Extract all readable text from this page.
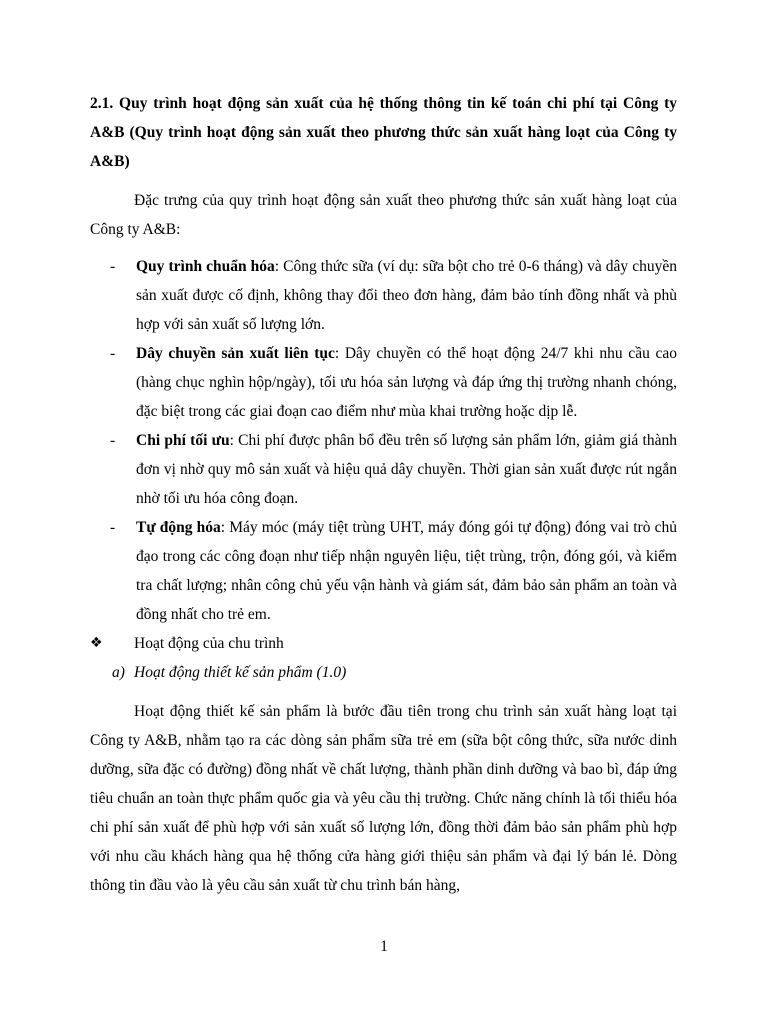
2.1. Quy trình hoạt động sản xuất của hệ thống thông tin kế toán chi phí tại Công ty A&B (Quy trình hoạt động sản xuất theo phương thức sản xuất hàng loạt của Công ty A&B)

Đặc trưng của quy trình hoạt động sản xuất theo phương thức sản xuất hàng loạt của Công ty A&B:

- Quy trình chuẩn hóa: Công thức sữa (ví dụ: sữa bột cho trẻ 0-6 tháng) và dây chuyền sản xuất được cố định, không thay đổi theo đơn hàng, đảm bảo tính đồng nhất và phù hợp với sản xuất số lượng lớn.
- Dây chuyền sản xuất liên tục: Dây chuyền có thể hoạt động 24/7 khi nhu cầu cao (hàng chục nghìn hộp/ngày), tối ưu hóa sản lượng và đáp ứng thị trường nhanh chóng, đặc biệt trong các giai đoạn cao điểm như mùa khai trường hoặc dịp lễ.
- Chi phí tối ưu: Chi phí được phân bổ đều trên số lượng sản phẩm lớn, giảm giá thành đơn vị nhờ quy mô sản xuất và hiệu quả dây chuyền. Thời gian sản xuất được rút ngắn nhờ tối ưu hóa công đoạn.
- Tự động hóa: Máy móc (máy tiệt trùng UHT, máy đóng gói tự động) đóng vai trò chủ đạo trong các công đoạn như tiếp nhận nguyên liệu, tiệt trùng, trộn, đóng gói, và kiểm tra chất lượng; nhân công chủ yếu vận hành và giám sát, đảm bảo sản phẩm an toàn và đồng nhất cho trẻ em.
❖ Hoạt động của chu trình
a) Hoạt động thiết kế sản phẩm (1.0)

Hoạt động thiết kế sản phẩm là bước đầu tiên trong chu trình sản xuất hàng loạt tại Công ty A&B, nhằm tạo ra các dòng sản phẩm sữa trẻ em (sữa bột công thức, sữa nước dinh dưỡng, sữa đặc có đường) đồng nhất về chất lượng, thành phần dinh dưỡng và bao bì, đáp ứng tiêu chuẩn an toàn thực phẩm quốc gia và yêu cầu thị trường. Chức năng chính là tối thiểu hóa chi phí sản xuất để phù hợp với sản xuất số lượng lớn, đồng thời đảm bảo sản phẩm phù hợp với nhu cầu khách hàng qua hệ thống cửa hàng giới thiệu sản phẩm và đại lý bán lẻ. Dòng thông tin đầu vào là yêu cầu sản xuất từ chu trình bán hàng,

1
